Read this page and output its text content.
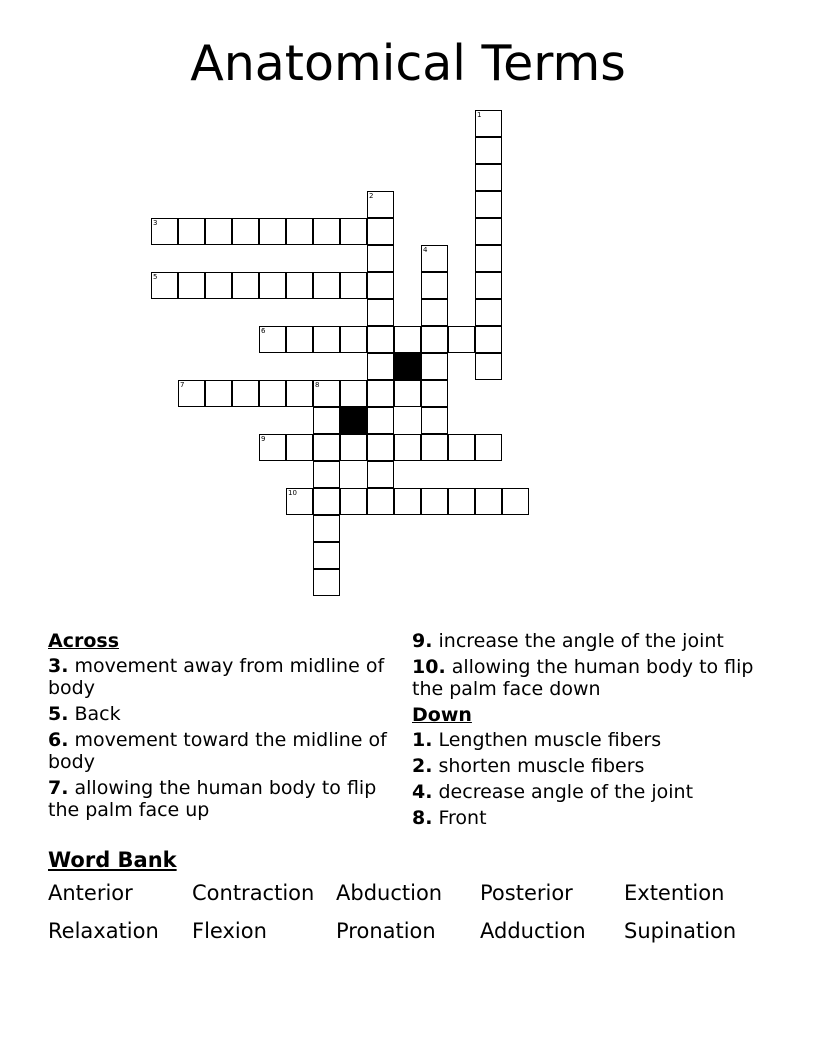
Anatomical Terms
3
5
6
7	8
9
10
1
2
4
Across
3. movement away from midline of body
5. Back
6. movement toward the midline of body
7. allowing the human body to flip the palm face up
9. increase the angle of the joint
10. allowing the human body to flip the palm face down
Down
1. Lengthen muscle fibers
2. shorten muscle fibers
4. decrease angle of the joint
8. Front
Word Bank
Anterior	Contraction	Abduction	Posterior	Extention
Relaxation	Flexion	Pronation	Adduction	Supination
